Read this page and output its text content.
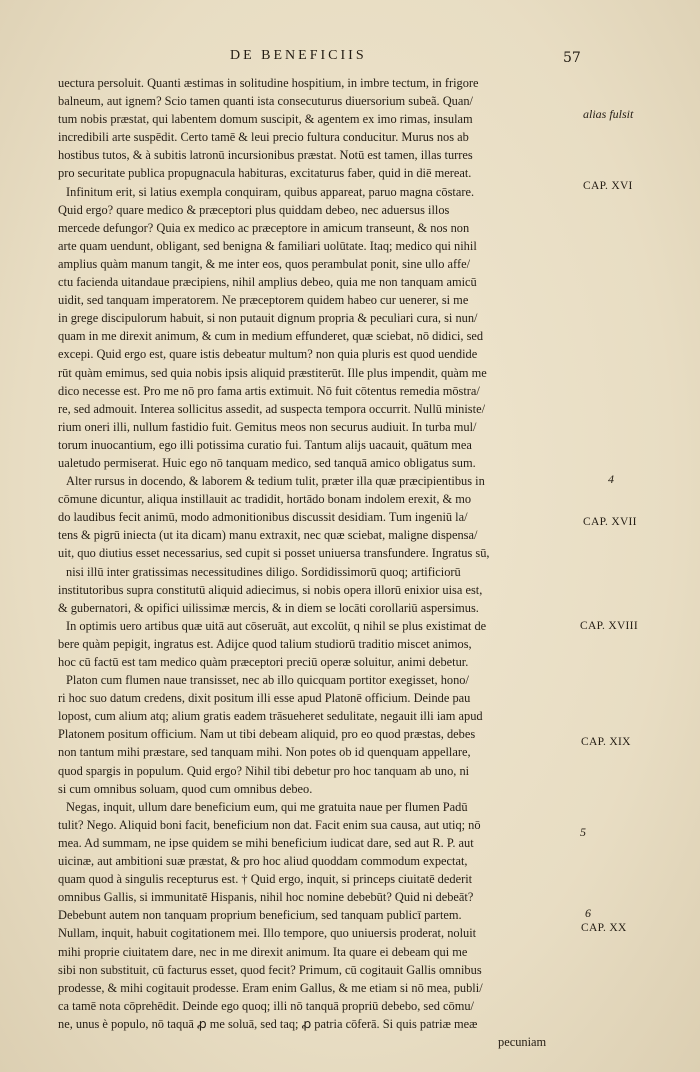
DE BENEFICIIS	57
uectura persoluit. Quanti æstimas in solitudine hospitium, in imbre tectum, in frigore
balneum, aut ignem? Scio tamen quanti ista consecuturus diuersorium subeã. Quan/
tum nobis præstat, qui labentem domum suscipit, & agentem ex imo rimas, insulam
incredibili arte suspēdit. Certo tamē & leui precio fultura conducitur. Murus nos ab
hostibus tutos, & à subitis latronū incursionibus præstat. Notū est tamen, illas turres
pro securitate publica propugnacula habituras, excitaturus faber, quid in diē mereat.
Infinitum erit, si latius exempla conquiram, quibus appareat, paruo magna cōstare.
Quid ergo? quare medico & præceptori plus quiddam debeo, nec aduersus illos
mercede defungor? Quia ex medico ac præceptore in amicum transeunt, & nos non
arte quam uendunt, obligant, sed benigna & familiari uolūtate. Itaq; medico qui nihil
amplius quàm manum tangit, & me inter eos, quos perambulat ponit, sine ullo affe/
ctu facienda uitandaue præcipiens, nihil amplius debeo, quia me non tanquam amicū
uidit, sed tanquam imperatorem. Ne præceptorem quidem habeo cur uenerer, si me
in grege discipulorum habuit, si non putauit dignum propria & peculiari cura, si nun/
quam in me direxit animum, & cum in medium effunderet, quæ sciebat, nō didici, sed
excepi. Quid ergo est, quare istis debeatur multum? non quia pluris est quod uendide
rūt quàm emimus, sed quia nobis ipsis aliquid præstiterūt. Ille plus impendit, quàm me
dico necesse est. Pro me nō pro fama artis extimuit. Nō fuit cōtentus remedia mōstra/
re, sed admouit. Interea sollicitus assedit, ad suspecta tempora occurrit. Nullū ministe/
rium oneri illi, nullum fastidio fuit. Gemitus meos non securus audiuit. In turba mul/
torum inuocantium, ego illi potissima curatio fui. Tantum alijs uacauit, quātum mea
ualetudo permiserat. Huic ego nō tanquam medico, sed tanquā amico obligatus sum.
Alter rursus in docendo, & laborem & tedium tulit, præter illa quæ præcipientibus in
cōmune dicuntur, aliqua instillauit ac tradidit, hortādo bonam indolem erexit, & mo
do laudibus fecit animū, modo admonitionibus discussit desidiam. Tum ingeniū la/
tens & pigrū iniecta (ut ita dicam) manu extraxit, nec quæ sciebat, maligne dispensa/
uit, quo diutius esset necessarius, sed cupit si posset uniuersa transfundere. Ingratus sū,
nisi illū inter gratissimas necessitudines diligo. Sordidissimorū quoq; artificiorū
institutoribus supra constitutū aliquid adiecimus, si nobis opera illorū enixior uisa est,
& gubernatori, & opifici uilissimæ mercis, & in diem se locāti corollariū aspersimus.
In optimis uero artibus quæ uitā aut cōseruāt, aut excolūt, q nihil se plus existimat de
bere quàm pepigit, ingratus est. Adijce quod talium studiorū traditio miscet animos,
hoc cū factū est tam medico quàm præceptori preciū operæ soluitur, animi debetur.
Platon cum flumen naue transisset, nec ab illo quicquam portitor exegisset, hono/
ri hoc suo datum credens, dixit positum illi esse apud Platonē officium. Deinde pau
lopost, cum alium atq; alium gratis eadem trāsueheret sedulitate, negauit illi iam apud
Platonem positum officium. Nam ut tibi debeam aliquid, pro eo quod præstas, debes
non tantum mihi præstare, sed tanquam mihi. Non potes ob id quenquam appellare,
quod spargis in populum. Quid ergo? Nihil tibi debetur pro hoc tanquam ab uno, ni
si cum omnibus soluam, quod cum omnibus debeo.
Negas, inquit, ullum dare beneficium eum, qui me gratuita naue per flumen Padū
tulit? Nego. Aliquid boni facit, beneficium non dat. Facit enim sua causa, aut utiq; nō
mea. Ad summam, ne ipse quidem se mihi beneficium iudicat dare, sed aut R. P. aut
uicinæ, aut ambitioni suæ præstat, & pro hoc aliud quoddam commodum expectat,
quam quod à singulis recepturus est. † Quid ergo, inquit, si princeps ciuitatē dederit
omnibus Gallis, si immunitatē Hispanis, nihil hoc nomine debebūt? Quid ni debeāt?
Debebunt autem non tanquam proprium beneficium, sed tanquam publicī partem.
Nullam, inquit, habuit cogitationem mei. Illo tempore, quo uniuersis proderat, noluit
mihi proprie ciuitatem dare, nec in me direxit animum. Ita quare ei debeam qui me
sibi non substituit, cū facturus esset, quod fecit? Primum, cū cogitauit Gallis omnibus
prodesse, & mihi cogitauit prodesse. Eram enim Gallus, & me etiam si nō mea, publi/
ca tamē nota cōprehēdit. Deinde ego quoq; illi nō tanquā propriū debebo, sed cōmu/
ne, unus è populo, nō taquā ꝓ me soluā, sed taq; ꝓ patria cōferā. Si quis patriæ meæ
pecuniam
alias fulsit
CAP. XVI
4
CAP. XVII
CAP. XVIII
CAP. XIX
5
6
CAP. XX
